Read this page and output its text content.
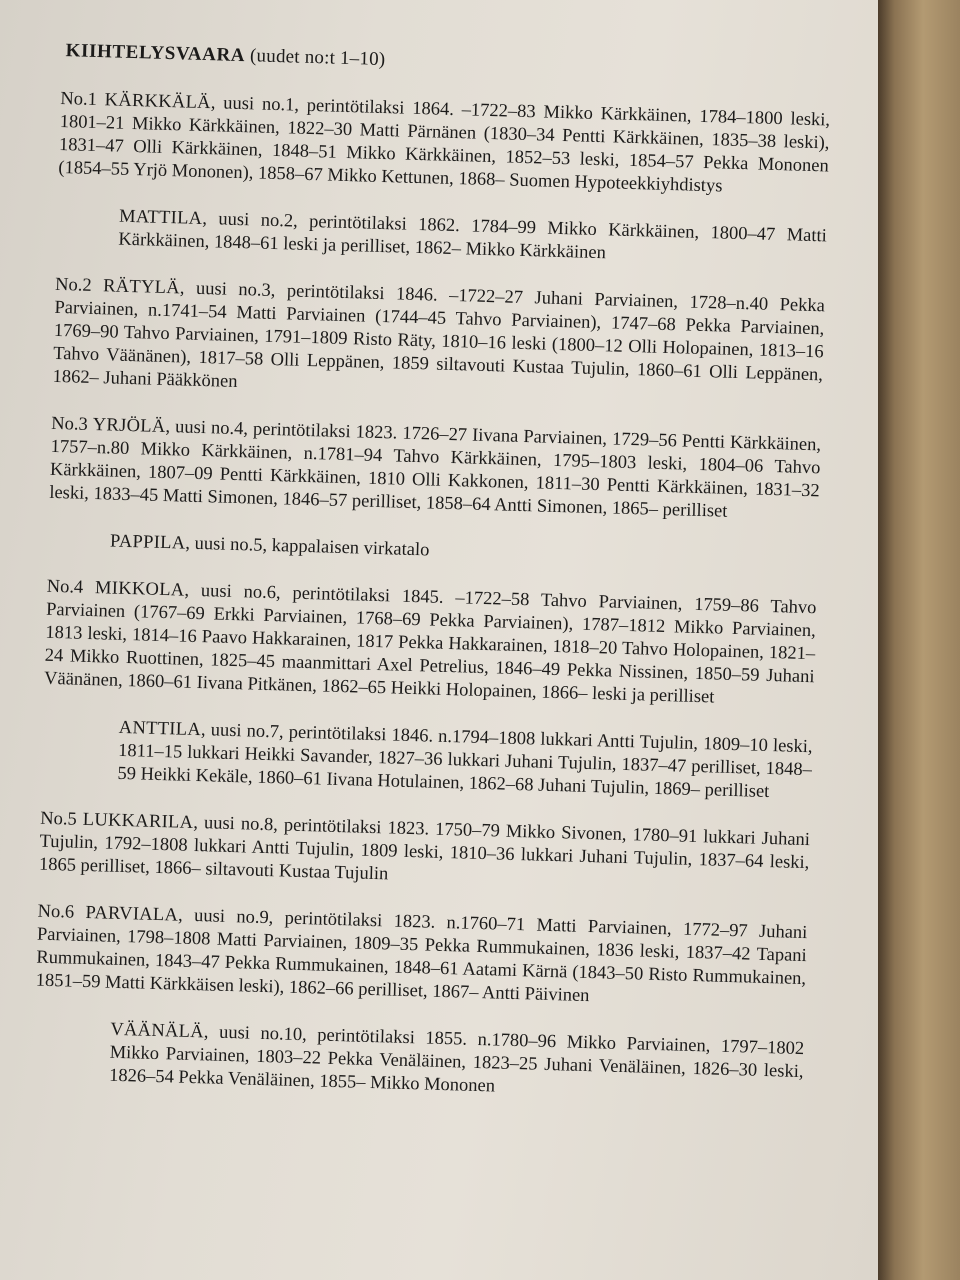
KIIHTELYSVAARA (uudet no:t 1–10)

No.1 KÄRKKÄLÄ, uusi no.1, perintötilaksi 1864. –1722–83 Mikko Kärkkäinen, 1784–1800 leski, 1801–21 Mikko Kärkkäinen, 1822–30 Matti Pärnänen (1830–34 Pentti Kärkkäinen, 1835–38 leski), 1831–47 Olli Kärkkäinen, 1848–51 Mikko Kärkkäinen, 1852–53 leski, 1854–57 Pekka Mononen (1854–55 Yrjö Mononen), 1858–67 Mikko Kettunen, 1868– Suomen Hypoteekkiyhdistys

MATTILA, uusi no.2, perintötilaksi 1862. 1784–99 Mikko Kärkkäinen, 1800–47 Matti Kärkkäinen, 1848–61 leski ja perilliset, 1862– Mikko Kärkkäinen

No.2 RÄTYLÄ, uusi no.3, perintötilaksi 1846. –1722–27 Juhani Parviainen, 1728–n.40 Pekka Parviainen, n.1741–54 Matti Parviainen (1744–45 Tahvo Parviainen), 1747–68 Pekka Parviainen, 1769–90 Tahvo Parviainen, 1791–1809 Risto Räty, 1810–16 leski (1800–12 Olli Holopainen, 1813–16 Tahvo Väänänen), 1817–58 Olli Leppänen, 1859 siltavouti Kustaa Tujulin, 1860–61 Olli Leppänen, 1862– Juhani Pääkkönen

No.3 YRJÖLÄ, uusi no.4, perintötilaksi 1823. 1726–27 Iivana Parviainen, 1729–56 Pentti Kärkkäinen, 1757–n.80 Mikko Kärkkäinen, n.1781–94 Tahvo Kärkkäinen, 1795–1803 leski, 1804–06 Tahvo Kärkkäinen, 1807–09 Pentti Kärkkäinen, 1810 Olli Kakkonen, 1811–30 Pentti Kärkkäinen, 1831–32 leski, 1833–45 Matti Simonen, 1846–57 perilliset, 1858–64 Antti Simonen, 1865– perilliset

PAPPILA, uusi no.5, kappalaisen virkatalo

No.4 MIKKOLA, uusi no.6, perintötilaksi 1845. –1722–58 Tahvo Parviainen, 1759–86 Tahvo Parviainen (1767–69 Erkki Parviainen, 1768–69 Pekka Parviainen), 1787–1812 Mikko Parviainen, 1813 leski, 1814–16 Paavo Hakkarainen, 1817 Pekka Hakkarainen, 1818–20 Tahvo Holopainen, 1821–24 Mikko Ruottinen, 1825–45 maanmittari Axel Petrelius, 1846–49 Pekka Nissinen, 1850–59 Juhani Väänänen, 1860–61 Iivana Pitkänen, 1862–65 Heikki Holopainen, 1866– leski ja perilliset

ANTTILA, uusi no.7, perintötilaksi 1846. n.1794–1808 lukkari Antti Tujulin, 1809–10 leski, 1811–15 lukkari Heikki Savander, 1827–36 lukkari Juhani Tujulin, 1837–47 perilliset, 1848–59 Heikki Kekäle, 1860–61 Iivana Hotulainen, 1862–68 Juhani Tujulin, 1869– perilliset

No.5 LUKKARILA, uusi no.8, perintötilaksi 1823. 1750–79 Mikko Sivonen, 1780–91 lukkari Juhani Tujulin, 1792–1808 lukkari Antti Tujulin, 1809 leski, 1810–36 lukkari Juhani Tujulin, 1837–64 leski, 1865 perilliset, 1866– siltavouti Kustaa Tujulin

No.6 PARVIALA, uusi no.9, perintötilaksi 1823. n.1760–71 Matti Parviainen, 1772–97 Juhani Parviainen, 1798–1808 Matti Parviainen, 1809–35 Pekka Rummukainen, 1836 leski, 1837–42 Tapani Rummukainen, 1843–47 Pekka Rummukainen, 1848–61 Aatami Kärnä (1843–50 Risto Rummukainen, 1851–59 Matti Kärkkäisen leski), 1862–66 perilliset, 1867– Antti Päivinen

VÄÄNÄLÄ, uusi no.10, perintötilaksi 1855. n.1780–96 Mikko Parviainen, 1797–1802 Mikko Parviainen, 1803–22 Pekka Venäläinen, 1823–25 Juhani Venäläinen, 1826–30 leski, 1826–54 Pekka Venäläinen, 1855– Mikko Mononen
